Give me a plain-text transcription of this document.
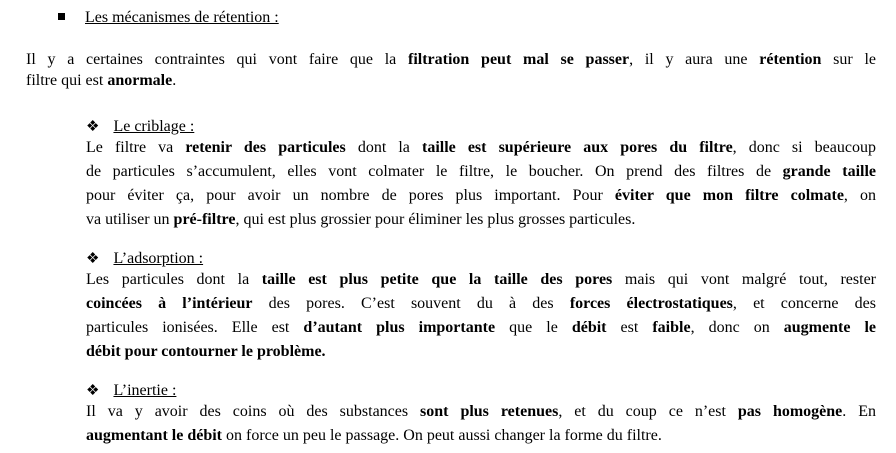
Les mécanismes de rétention :
Il y a certaines contraintes qui vont faire que la filtration peut mal se passer, il y aura une rétention sur le
filtre qui est anormale.
❖ Le criblage :
Le filtre va retenir des particules dont la taille est supérieure aux pores du filtre, donc si beaucoup
de particules s’accumulent, elles vont colmater le filtre, le boucher. On prend des filtres de grande taille
pour éviter ça, pour avoir un nombre de pores plus important. Pour éviter que mon filtre colmate, on
va utiliser un pré-filtre, qui est plus grossier pour éliminer les plus grosses particules.
❖ L’adsorption :
Les particules dont la taille est plus petite que la taille des pores mais qui vont malgré tout, rester
coincées à l’intérieur des pores. C’est souvent du à des forces électrostatiques, et concerne des
particules ionisées. Elle est d’autant plus importante que le débit est faible, donc on augmente le
débit pour contourner le problème.
❖ L’inertie :
Il va y avoir des coins où des substances sont plus retenues, et du coup ce n’est pas homogène. En
augmentant le débit on force un peu le passage. On peut aussi changer la forme du filtre.
